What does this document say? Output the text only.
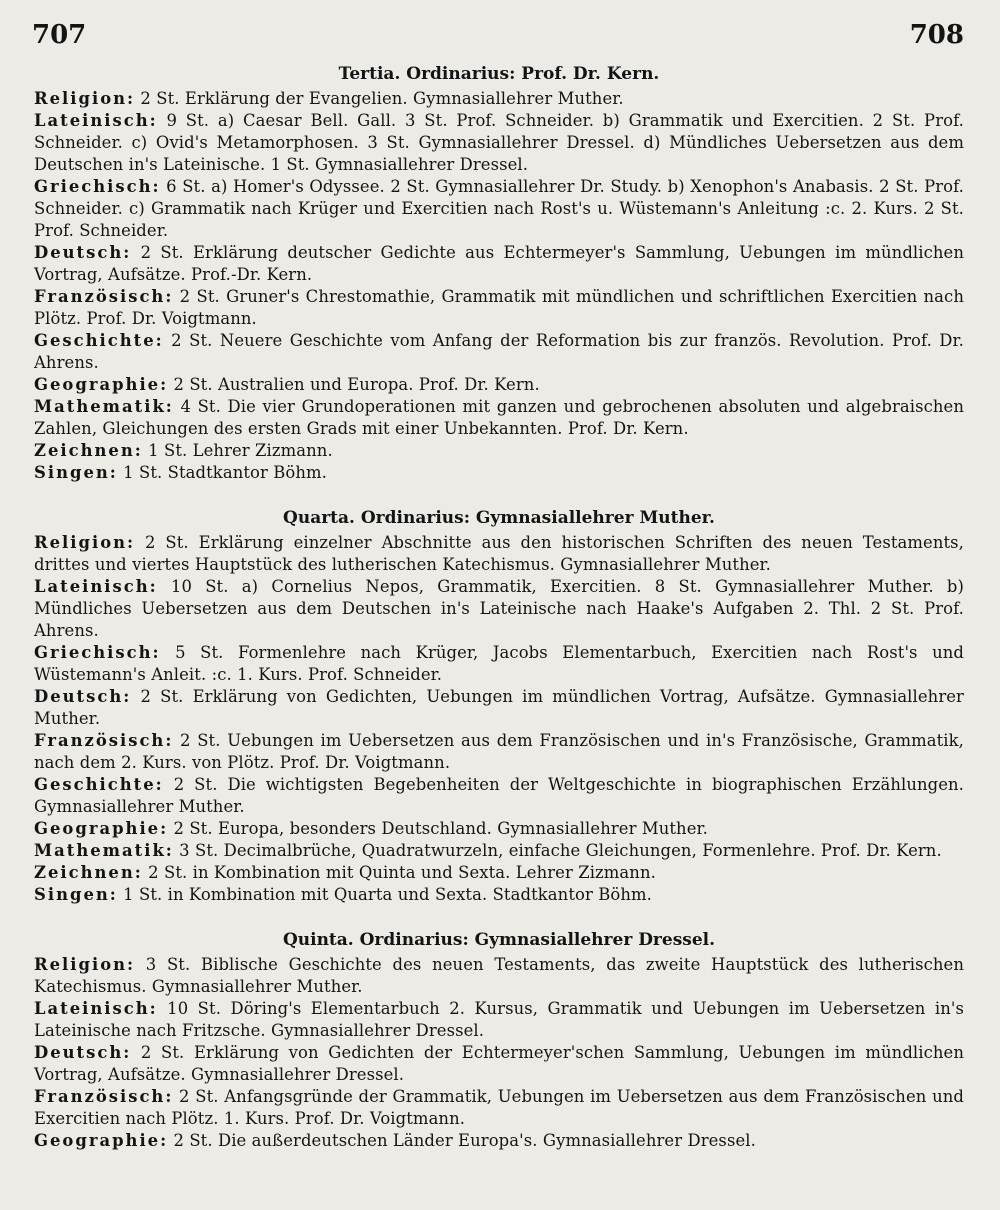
707	708
Tertia. Ordinarius: Prof. Dr. Kern.
Religion: 2 St. Erklärung der Evangelien. Gymnasiallehrer Muther.
Lateinisch: 9 St. a) Caesar Bell. Gall. 3 St. Prof. Schneider. b) Grammatik und Exercitien. 2 St. Prof. Schneider. c) Ovid's Metamorphosen. 3 St. Gymnasiallehrer Dressel. d) Mündliches Uebersetzen aus dem Deutschen in's Lateinische. 1 St. Gymnasiallehrer Dressel.
Griechisch: 6 St. a) Homer's Odyssee. 2 St. Gymnasiallehrer Dr. Study. b) Xenophon's Anabasis. 2 St. Prof. Schneider. c) Grammatik nach Krüger und Exercitien nach Rost's u. Wüstemann's Anleitung :c. 2. Kurs. 2 St. Prof. Schneider.
Deutsch: 2 St. Erklärung deutscher Gedichte aus Echtermeyer's Sammlung, Uebungen im mündlichen Vortrag, Aufsätze. Prof.-Dr. Kern.
Französisch: 2 St. Gruner's Chrestomathie, Grammatik mit mündlichen und schriftlichen Exercitien nach Plötz. Prof. Dr. Voigtmann.
Geschichte: 2 St. Neuere Geschichte vom Anfang der Reformation bis zur französ. Revolution. Prof. Dr. Ahrens.
Geographie: 2 St. Australien und Europa. Prof. Dr. Kern.
Mathematik: 4 St. Die vier Grundoperationen mit ganzen und gebrochenen absoluten und algebraischen Zahlen, Gleichungen des ersten Grads mit einer Unbekannten. Prof. Dr. Kern.
Zeichnen: 1 St. Lehrer Zizmann.
Singen: 1 St. Stadtkantor Böhm.
Quarta. Ordinarius: Gymnasiallehrer Muther.
Religion: 2 St. Erklärung einzelner Abschnitte aus den historischen Schriften des neuen Testaments, drittes und viertes Hauptstück des lutherischen Katechismus. Gymnasiallehrer Muther.
Lateinisch: 10 St. a) Cornelius Nepos, Grammatik, Exercitien. 8 St. Gymnasiallehrer Muther. b) Mündliches Uebersetzen aus dem Deutschen in's Lateinische nach Haake's Aufgaben 2. Thl. 2 St. Prof. Ahrens.
Griechisch: 5 St. Formenlehre nach Krüger, Jacobs Elementarbuch, Exercitien nach Rost's und Wüstemann's Anleit. :c. 1. Kurs. Prof. Schneider.
Deutsch: 2 St. Erklärung von Gedichten, Uebungen im mündlichen Vortrag, Aufsätze. Gymnasiallehrer Muther.
Französisch: 2 St. Uebungen im Uebersetzen aus dem Französischen und in's Französische, Grammatik, nach dem 2. Kurs. von Plötz. Prof. Dr. Voigtmann.
Geschichte: 2 St. Die wichtigsten Begebenheiten der Weltgeschichte in biographischen Erzählungen. Gymnasiallehrer Muther.
Geographie: 2 St. Europa, besonders Deutschland. Gymnasiallehrer Muther.
Mathematik: 3 St. Decimalbrüche, Quadratwurzeln, einfache Gleichungen, Formenlehre. Prof. Dr. Kern.
Zeichnen: 2 St. in Kombination mit Quinta und Sexta. Lehrer Zizmann.
Singen: 1 St. in Kombination mit Quarta und Sexta. Stadtkantor Böhm.
Quinta. Ordinarius: Gymnasiallehrer Dressel.
Religion: 3 St. Biblische Geschichte des neuen Testaments, das zweite Hauptstück des lutherischen Katechismus. Gymnasiallehrer Muther.
Lateinisch: 10 St. Döring's Elementarbuch 2. Kursus, Grammatik und Uebungen im Uebersetzen in's Lateinische nach Fritzsche. Gymnasiallehrer Dressel.
Deutsch: 2 St. Erklärung von Gedichten der Echtermeyer'schen Sammlung, Uebungen im mündlichen Vortrag, Aufsätze. Gymnasiallehrer Dressel.
Französisch: 2 St. Anfangsgründe der Grammatik, Uebungen im Uebersetzen aus dem Französischen und Exercitien nach Plötz. 1. Kurs. Prof. Dr. Voigtmann.
Geographie: 2 St. Die außerdeutschen Länder Europa's. Gymnasiallehrer Dressel.
